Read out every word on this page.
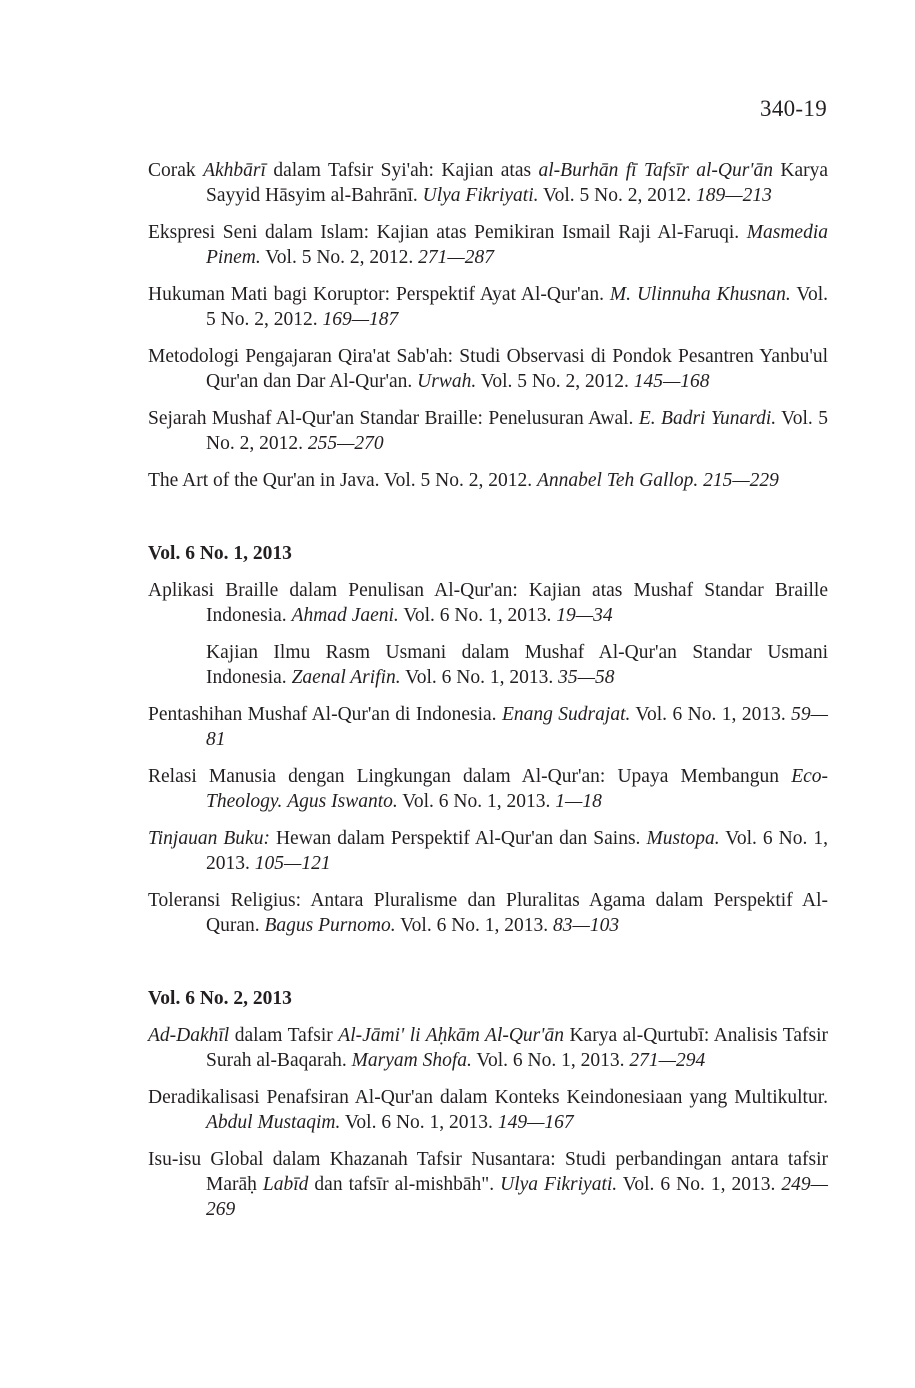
340-19

Corak Akhbārī dalam Tafsir Syi'ah: Kajian atas al-Burhān fī Tafsīr al-Qur'ān Karya Sayyid Hāsyim al-Bahrānī. Ulya Fikriyati. Vol. 5 No. 2, 2012. 189—213

Ekspresi Seni dalam Islam: Kajian atas Pemikiran Ismail Raji Al-Faruqi. Masmedia Pinem. Vol. 5 No. 2, 2012. 271—287

Hukuman Mati bagi Koruptor: Perspektif Ayat Al-Qur'an. M. Ulinnuha Khusnan. Vol. 5 No. 2, 2012. 169—187

Metodologi Pengajaran Qira'at Sab'ah: Studi Observasi di Pondok Pesantren Yanbu'ul Qur'an dan Dar Al-Qur'an. Urwah. Vol. 5 No. 2, 2012. 145—168

Sejarah Mushaf Al-Qur'an Standar Braille: Penelusuran Awal. E. Badri Yunardi. Vol. 5 No. 2, 2012. 255—270

The Art of the Qur'an in Java. Vol. 5 No. 2, 2012. Annabel Teh Gallop. 215—229

Vol. 6 No. 1, 2013

Aplikasi Braille dalam Penulisan Al-Qur'an: Kajian atas Mushaf Standar Braille Indonesia. Ahmad Jaeni. Vol. 6 No. 1, 2013. 19—34

Kajian Ilmu Rasm Usmani dalam Mushaf Al-Qur'an Standar Usmani Indonesia. Zaenal Arifin. Vol. 6 No. 1, 2013. 35—58

Pentashihan Mushaf Al-Qur'an di Indonesia. Enang Sudrajat. Vol. 6 No. 1, 2013. 59—81

Relasi Manusia dengan Lingkungan dalam Al-Qur'an: Upaya Membangun Eco-Theology. Agus Iswanto. Vol. 6 No. 1, 2013. 1—18

Tinjauan Buku: Hewan dalam Perspektif Al-Qur'an dan Sains. Mustopa. Vol. 6 No. 1, 2013. 105—121

Toleransi Religius: Antara Pluralisme dan Pluralitas Agama dalam Perspektif Al-Quran. Bagus Purnomo. Vol. 6 No. 1, 2013. 83—103

Vol. 6 No. 2, 2013

Ad-Dakhīl dalam Tafsir Al-Jāmi' li Aḥkām Al-Qur'ān Karya al-Qurtubī: Analisis Tafsir Surah al-Baqarah. Maryam Shofa. Vol. 6 No. 1, 2013. 271—294

Deradikalisasi Penafsiran Al-Qur'an dalam Konteks Keindonesiaan yang Multikultur. Abdul Mustaqim. Vol. 6 No. 1, 2013. 149—167

Isu-isu Global dalam Khazanah Tafsir Nusantara: Studi perbandingan antara tafsir Marāḥ Labīd dan tafsīr al-mishbāh". Ulya Fikriyati. Vol. 6 No. 1, 2013. 249—269
